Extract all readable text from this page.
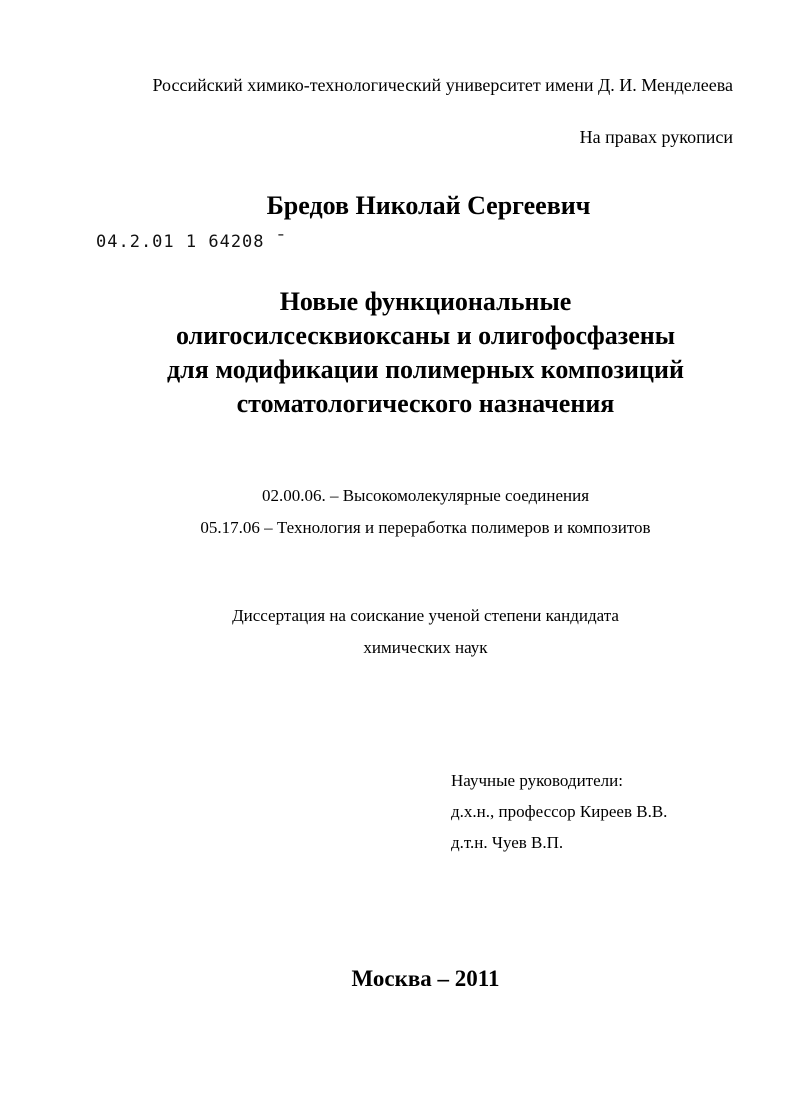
Российский химико-технологический университет имени Д. И. Менделеева
На правах рукописи
Бредов Николай Сергеевич
04.2.01 1 64208 ˉ
Новые функциональные
олигосилсесквиоксаны и олигофосфазены
для модификации полимерных композиций
стоматологического назначения
02.00.06. – Высокомолекулярные соединения
05.17.06 – Технология и переработка полимеров и композитов
Диссертация на соискание ученой степени кандидата
химических наук
Научные руководители:
д.х.н., профессор Киреев В.В.
д.т.н. Чуев В.П.
Москва – 2011
